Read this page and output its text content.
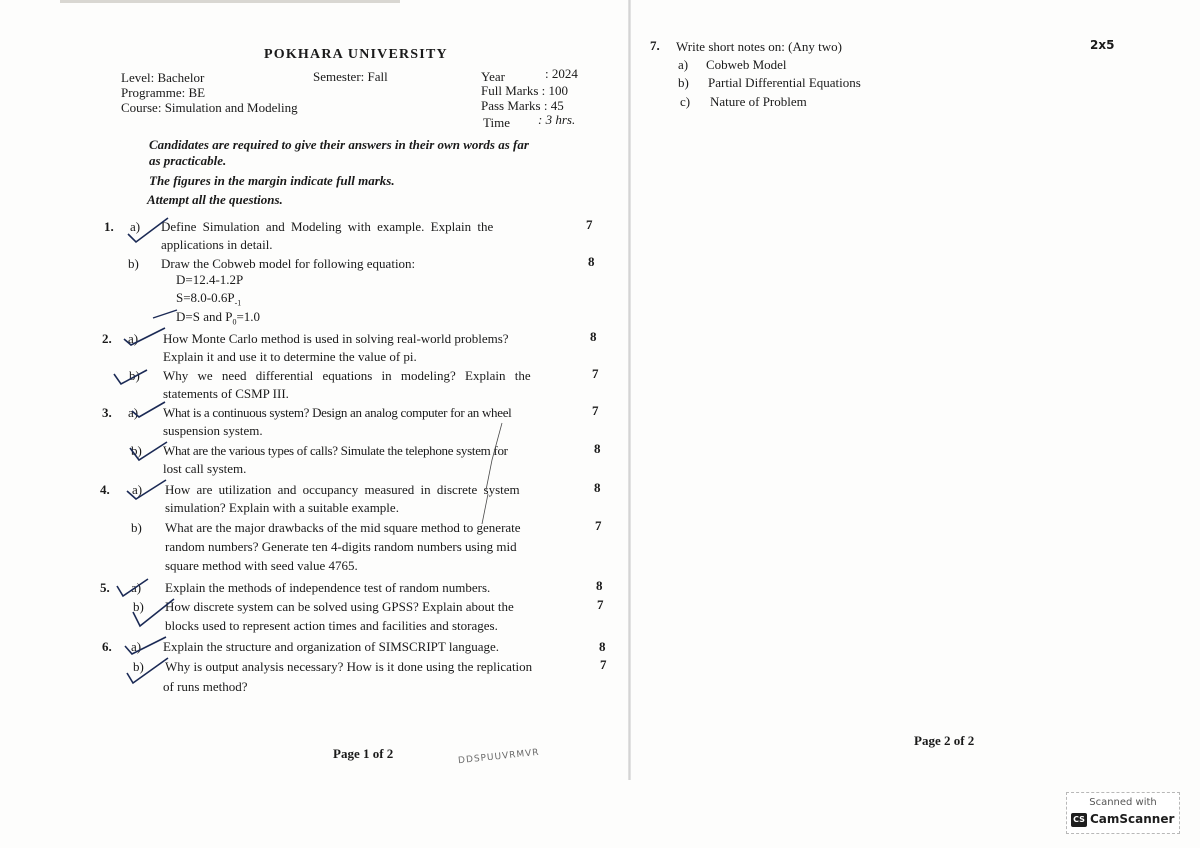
POKHARA UNIVERSITY
Level: Bachelor	Semester: Fall
Programme: BE
Course: Simulation and Modeling
Year	: 2024
Full Marks : 100
Pass Marks : 45
Time : 3 hrs.
Candidates are required to give their answers in their own words as far
as practicable.
The figures in the margin indicate full marks.
Attempt all the questions.
1. a) Define Simulation and Modeling with example. Explain the
applications in detail.
7
b) Draw the Cobweb model for following equation:	8
D=12.4-1.2P
$S=8.0-0.6P_{-1}$
D=S and $P_0=1.0$
2. a) How Monte Carlo method is used in solving real-world problems?
Explain it and use it to determine the value of pi.
8
b) Why we need differential equations in modeling? Explain the
statements of CSMP III.
7
3. a) What is a continuous system? Design an analog computer for an wheel
suspension system.
7
b) What are the various types of calls? Simulate the telephone system for
lost call system.
8
4. a) How are utilization and occupancy measured in discrete system
simulation? Explain with a suitable example.
8
b) What are the major drawbacks of the mid square method to generate
random numbers? Generate ten 4-digits random numbers using mid
square method with seed value 4765.
7
5. a) Explain the methods of independence test of random numbers.	8
b) How discrete system can be solved using GPSS? Explain about the
blocks used to represent action times and facilities and storages.
7
6. a) Explain the structure and organization of SIMSCRIPT language.	8
b) Why is output analysis necessary? How is it done using the replication
of runs method?
7
Page 1 of 2	DDSPUUVRMVR
7. Write short notes on: (Any two)	2x5
a) Cobweb Model
b) Partial Differential Equations
c) Nature of Problem
Page 2 of 2
Scanned with
CS CamScanner
